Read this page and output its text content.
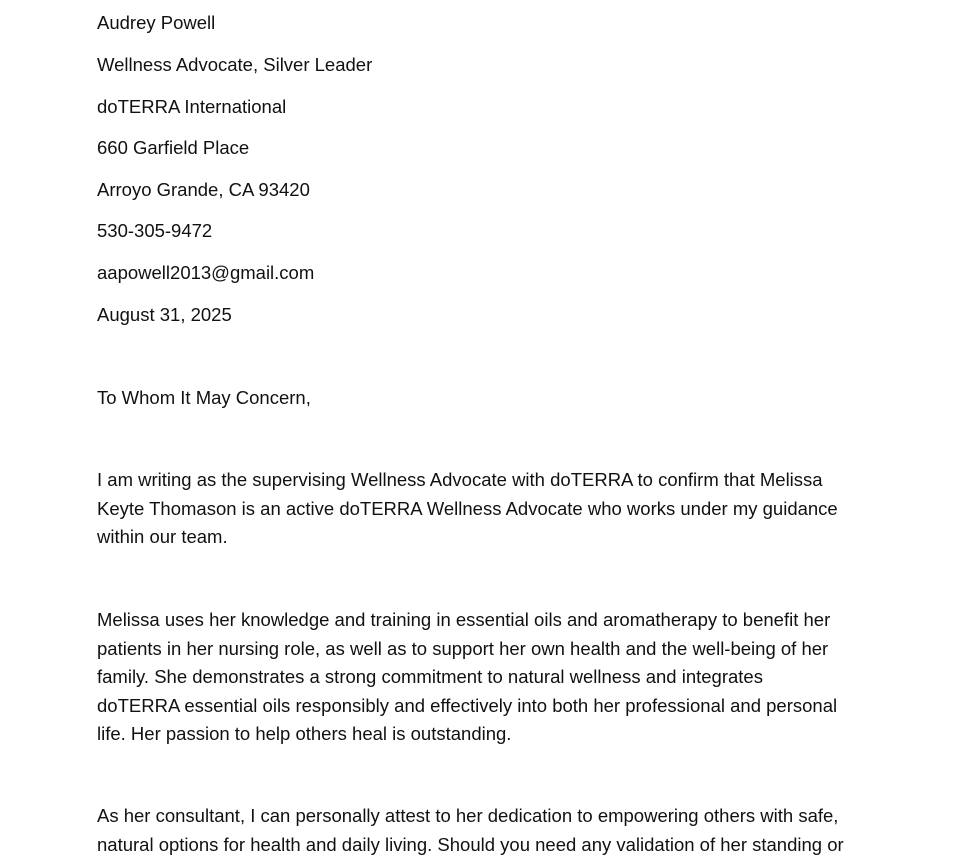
Audrey Powell
Wellness Advocate, Silver Leader
doTERRA International
660 Garfield Place
Arroyo Grande, CA 93420
530-305-9472
aapowell2013@gmail.com
August 31, 2025
To Whom It May Concern,
I am writing as the supervising Wellness Advocate with doTERRA to confirm that Melissa
Keyte Thomason is an active doTERRA Wellness Advocate who works under my guidance
within our team.
Melissa uses her knowledge and training in essential oils and aromatherapy to benefit her
patients in her nursing role, as well as to support her own health and the well-being of her
family. She demonstrates a strong commitment to natural wellness and integrates
doTERRA essential oils responsibly and effectively into both her professional and personal
life. Her passion to help others heal is outstanding.
As her consultant, I can personally attest to her dedication to empowering others with safe,
natural options for health and daily living. Should you need any validation of her standing or
